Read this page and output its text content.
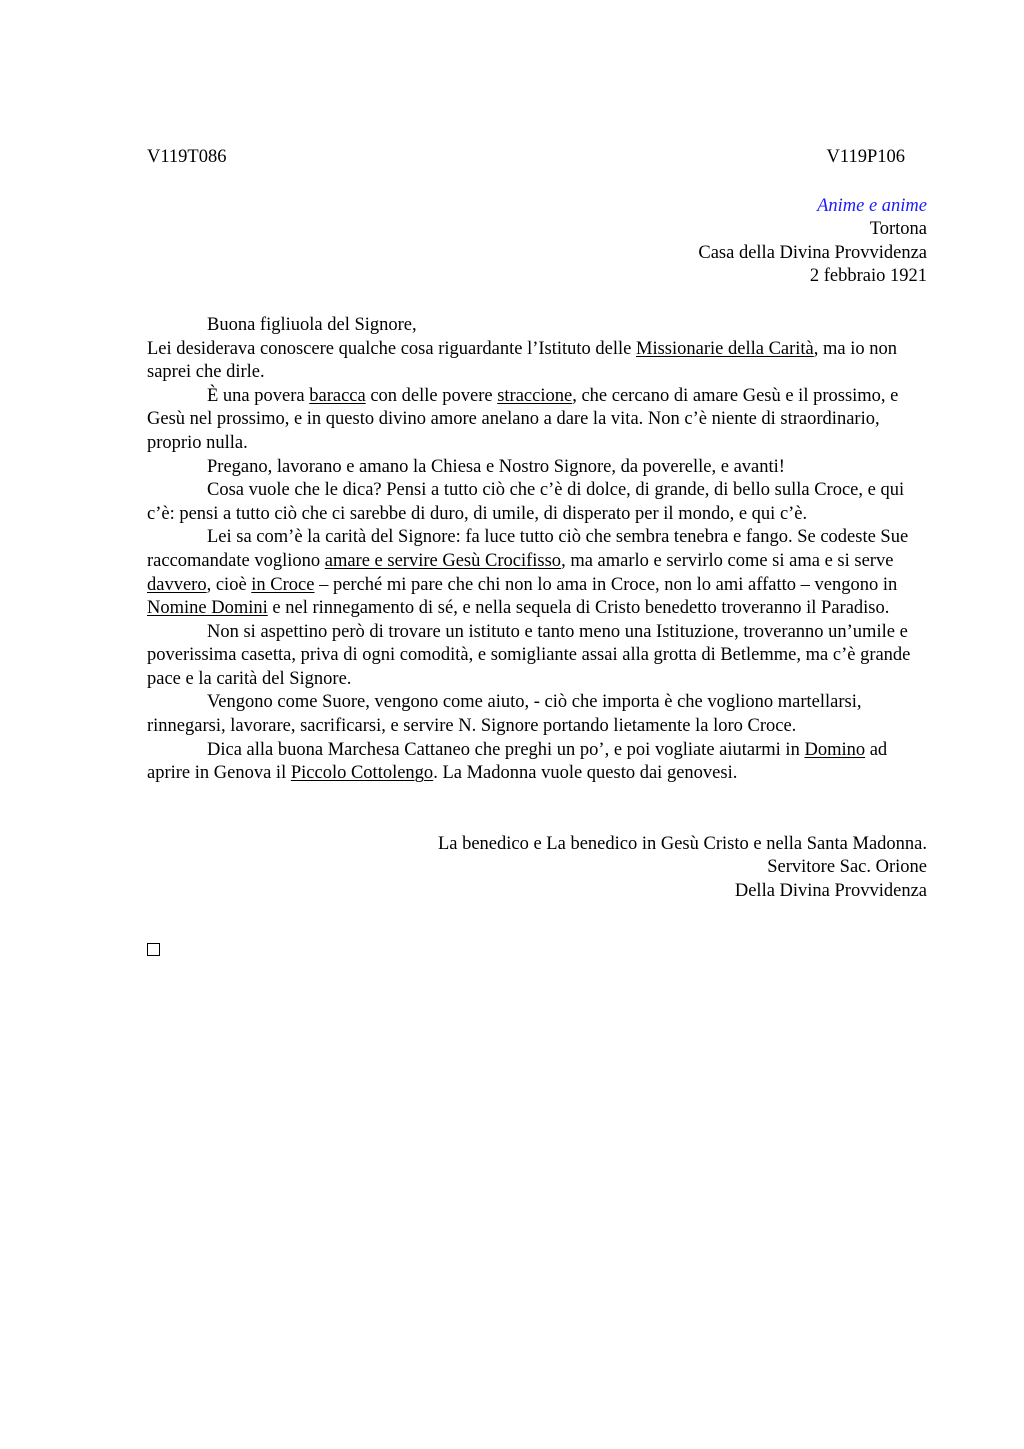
V119T086	V119P106
Anime e anime
Tortona
Casa della Divina Provvidenza
2 febbraio 1921

Buona figliuola del Signore,

Lei desiderava conoscere qualche cosa riguardante l’Istituto delle Missionarie della Carità, ma io non saprei che dirle.

È una povera baracca con delle povere straccione, che cercano di amare Gesù e il prossimo, e Gesù nel prossimo, e in questo divino amore anelano a dare la vita. Non c’è niente di straordinario, proprio nulla.

Pregano, lavorano e amano la Chiesa e Nostro Signore, da poverelle, e avanti!

Cosa vuole che le dica? Pensi a tutto ciò che c’è di dolce, di grande, di bello sulla Croce, e qui c’è: pensi a tutto ciò che ci sarebbe di duro, di umile, di disperato per il mondo, e qui c’è.

Lei sa com’è la carità del Signore: fa luce tutto ciò che sembra tenebra e fango. Se codeste Sue raccomandate vogliono amare e servire Gesù Crocifisso, ma amarlo e servirlo come si ama e si serve davvero, cioè in Croce – perché mi pare che chi non lo ama in Croce, non lo ami affatto – vengono in Nomine Domini e nel rinnegamento di sé, e nella sequela di Cristo benedetto troveranno il Paradiso.

Non si aspettino però di trovare un istituto e tanto meno una Istituzione, troveranno un’umile e poverissima casetta, priva di ogni comodità, e somigliante assai alla grotta di Betlemme, ma c’è grande pace e la carità del Signore.

Vengono come Suore, vengono come aiuto, - ciò che importa è che vogliono martellarsi, rinnegarsi, lavorare, sacrificarsi, e servire N. Signore portando lietamente la loro Croce.

Dica alla buona Marchesa Cattaneo che preghi un po’, e poi vogliate aiutarmi in Domino ad aprire in Genova il Piccolo Cottolengo. La Madonna vuole questo dai genovesi.

La benedico e La benedico in Gesù Cristo e nella Santa Madonna.
Servitore Sac. Orione
Della Divina Provvidenza
